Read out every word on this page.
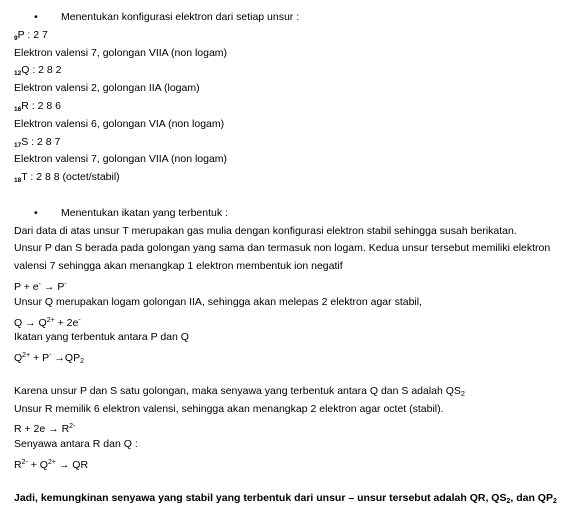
• Menentukan konfigurasi elektron dari setiap unsur :
9P : 2 7
Elektron valensi 7, golongan VIIA (non logam)
12Q : 2 8 2
Elektron valensi 2, golongan IIA (logam)
16R : 2 8 6
Elektron valensi 6, golongan VIA (non logam)
17S : 2 8 7
Elektron valensi 7, golongan VIIA (non logam)
18T : 2 8 8 (octet/stabil)
• Menentukan ikatan yang terbentuk :
Dari data di atas unsur T merupakan gas mulia dengan konfigurasi elektron stabil sehingga susah berikatan.
Unsur P dan S berada pada golongan yang sama dan termasuk non logam. Kedua unsur tersebut memiliki elektron
valensi 7 sehingga akan menangkap 1 elektron membentuk ion negatif
P + e- → P-
Unsur Q merupakan logam golongan IIA, sehingga akan melepas 2 elektron agar stabil,
$Q \to Q^{2+} + 2e^-$
Ikatan yang terbentuk antara P dan Q
$Q^{2+} + P^- \to QP_2$
Karena unsur P dan S satu golongan, maka senyawa yang terbentuk antara Q dan S adalah $QS_2$
Unsur R memilik 6 elektron valensi, sehingga akan menangkap 2 elektron agar octet (stabil).
$R + 2e \to R^{2-}$
Senyawa antara R dan Q :
$R^{2-} + Q^{2+}$ → QR
Jadi, kemungkinan senyawa yang stabil yang terbentuk dari unsur – unsur tersebut adalah QR, $QS_2$, dan $QP_2$
